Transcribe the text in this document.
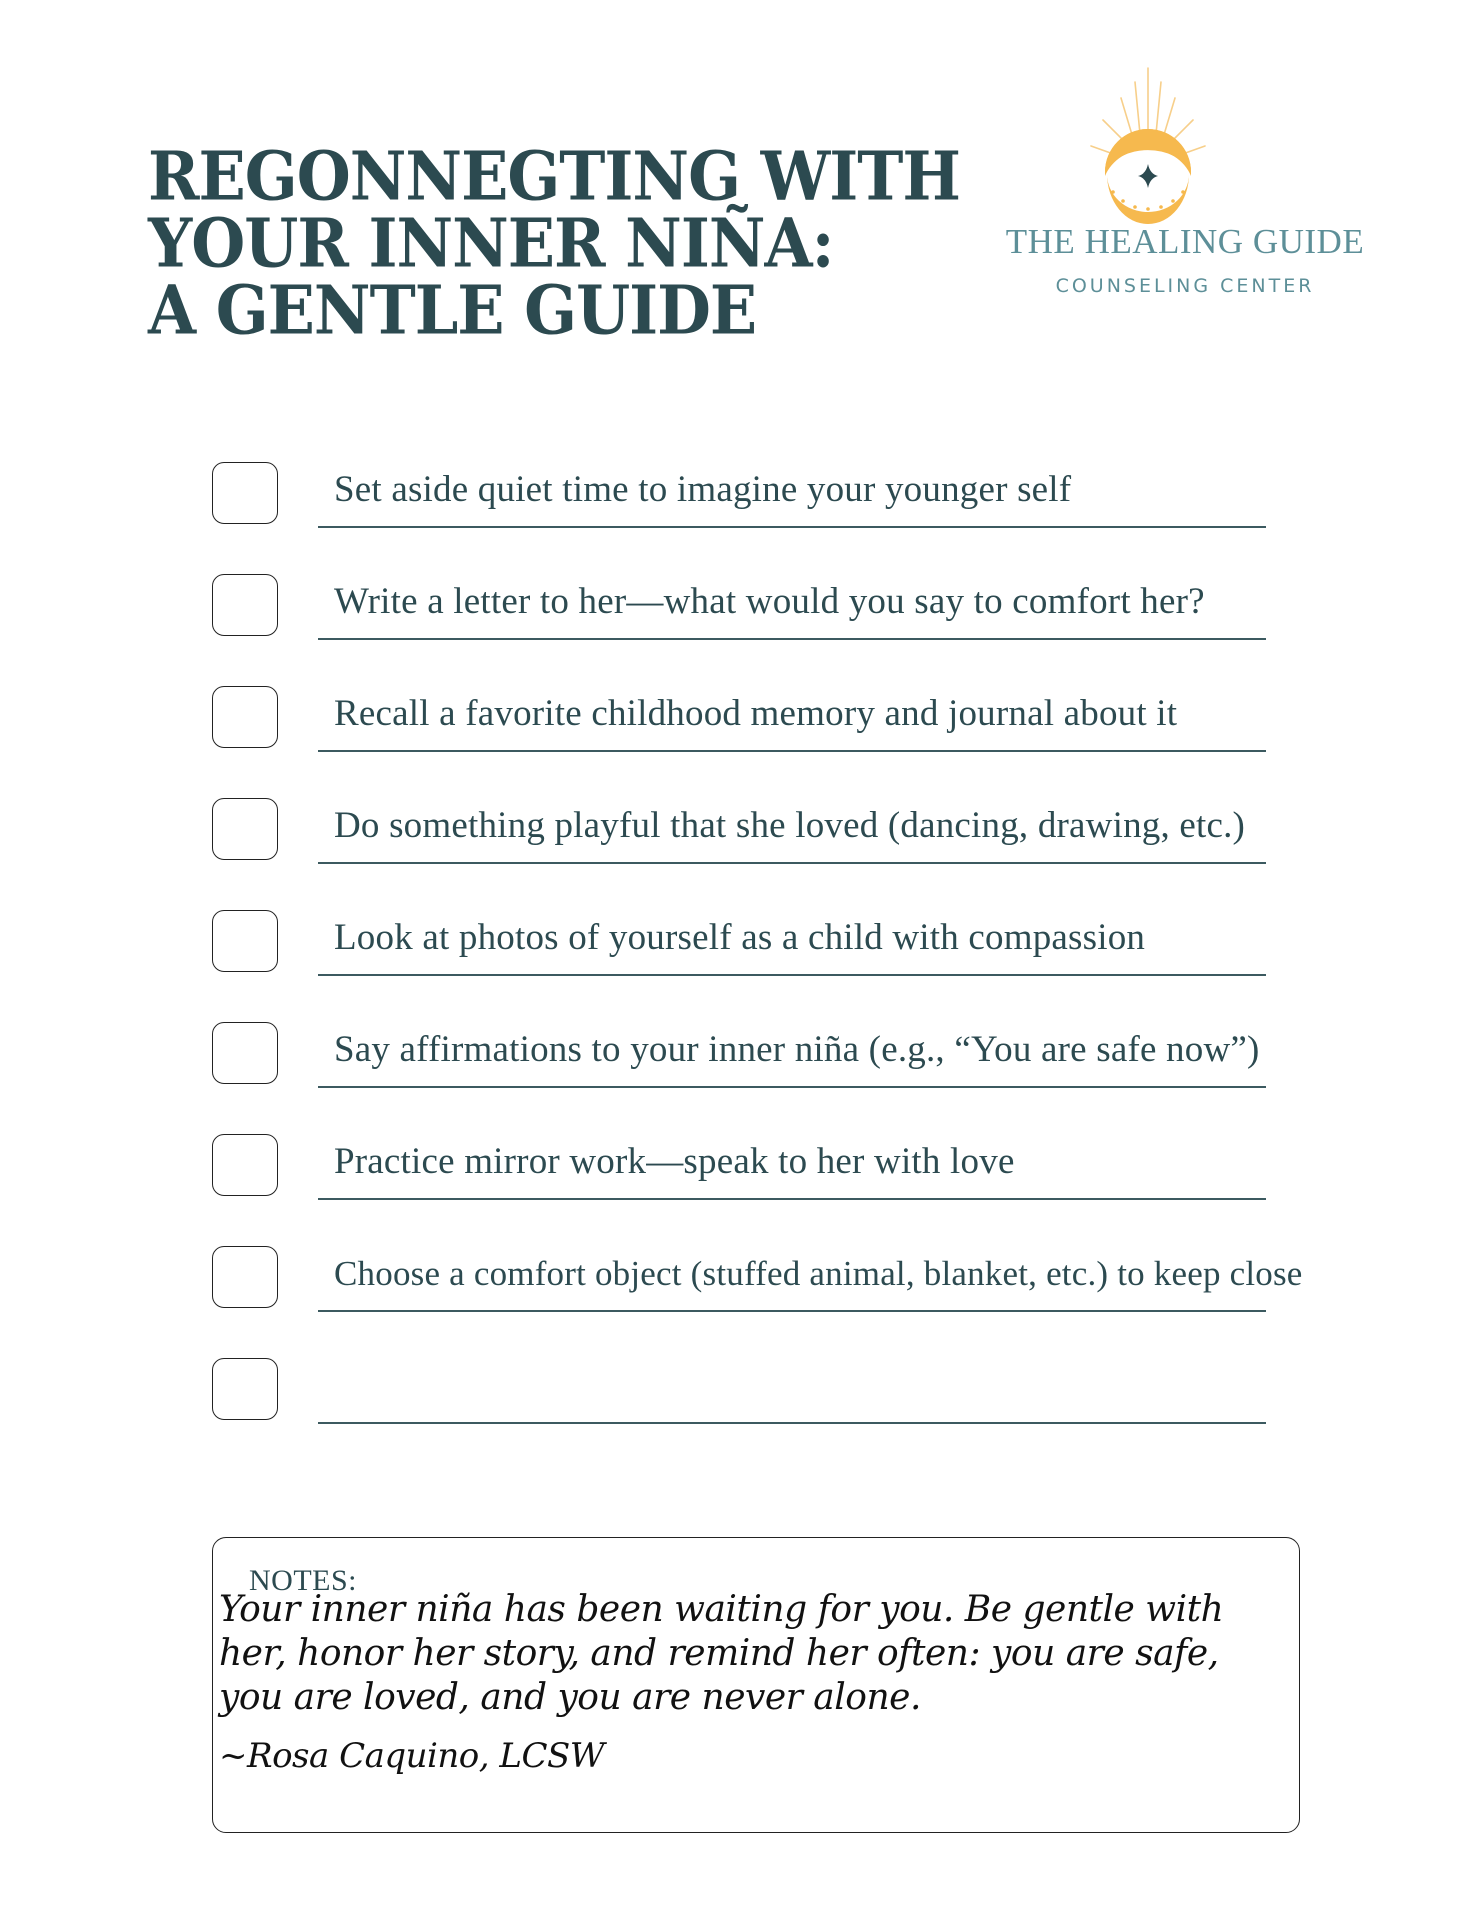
REGONNEGTING WITH
YOUR INNER NIÑA:
A GENTLE GUIDE
THE HEALING GUIDE
COUNSELING CENTER
Set aside quiet time to imagine your younger self
Write a letter to her—what would you say to comfort her?
Recall a favorite childhood memory and journal about it
Do something playful that she loved (dancing, drawing, etc.)
Look at photos of yourself as a child with compassion
Say affirmations to your inner niña (e.g., “You are safe now”)
Practice mirror work—speak to her with love
Choose a comfort object (stuffed animal, blanket, etc.) to keep close
NOTES:

Your inner niña has been waiting for you. Be gentle with her, honor her story, and remind her often: you are safe, you are loved, and you are never alone.

~Rosa Caquino, LCSW
